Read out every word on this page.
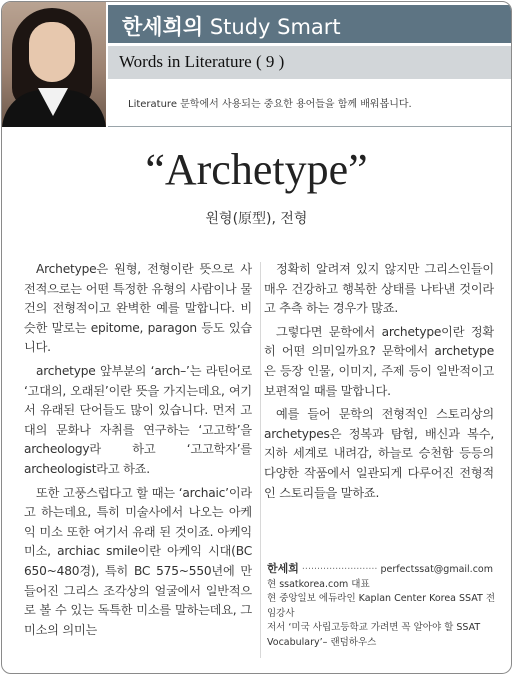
한세희의 Study Smart
Words in Literature ( 9 )
Literature 문학에서 사용되는 중요한 용어들을 함께 배워봅니다.
“Archetype”
원형(原型), 전형

Archetype은 원형, 전형이란 뜻으로 사전적으로는 어떤 특정한 유형의 사람이나 물건의 전형적이고 완벽한 예를 말합니다. 비슷한 말로는 epitome, paragon 등도 있습니다.

archetype 앞부분의 ‘arch–’는 라틴어로 ‘고대의, 오래된’이란 뜻을 가지는데요, 여기서 유래된 단어들도 많이 있습니다. 먼저 고대의 문화나 자취를 연구하는 ‘고고학’을 archeology라 하고 ‘고고학자’를 archeologist라고 하죠.

또한 고풍스럽다고 할 때는 ‘archaic’이라고 하는데요, 특히 미술사에서 나오는 아케익 미소 또한 여기서 유래 된 것이죠. 아케익 미소, archiac smile이란 아케익 시대(BC 650~480경), 특히 BC 575~550년에 만들어진 그리스 조각상의 얼굴에서 일반적으로 볼 수 있는 독특한 미소를 말하는데요, 그 미소의 의미는

정확히 알려져 있지 않지만 그리스인들이 매우 건강하고 행복한 상태를 나타낸 것이라고 추측 하는 경우가 많죠.

그렇다면 문학에서 archetype이란 정확히 어떤 의미일까요? 문학에서 archetype은 등장 인물, 이미지, 주제 등이 일반적이고 보편적일 때를 말합니다.

예를 들어 문학의 전형적인 스토리상의 archetypes은 정복과 탐험, 배신과 복수, 지하 세계로 내려감, 하늘로 승천함 등등의 다양한 작품에서 일관되게 다루어진 전형적인 스토리들을 말하죠.

한세희 ························· perfectssat@gmail.com
현 ssatkorea.com 대표
현 중앙일보 에듀라인 Kaplan Center Korea SSAT 전임강사
저서 ‘미국 사립고등학교 가려면 꼭 알아야 할 SSAT Vocabulary’– 랜덤하우스
